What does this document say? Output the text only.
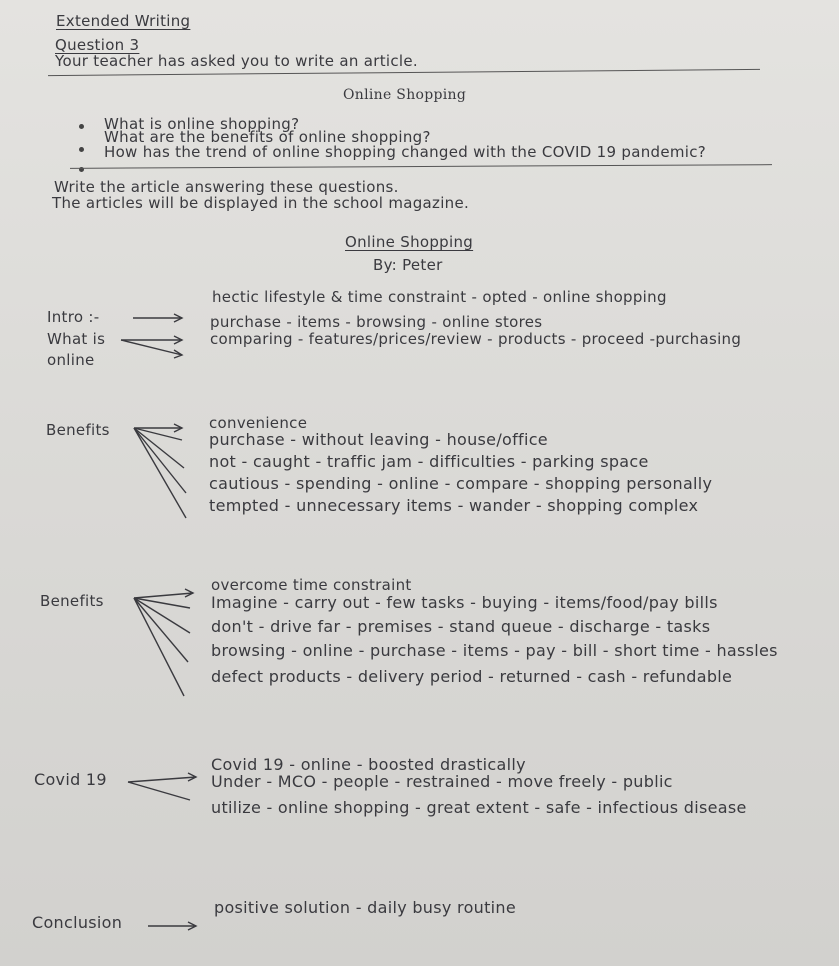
Extended Writing
Question 3
Your teacher has asked you to write an article.
Online Shopping
What is online shopping?
What are the benefits of online shopping?
How has the trend of online shopping changed with the COVID 19 pandemic?
Write the article answering these questions.
The articles will be displayed in the school magazine.
Online Shopping
By: Peter
Intro :-
hectic lifestyle & time constraint - opted - online shopping
What is
online
purchase - items - browsing - online stores
comparing - features/prices/review - products - proceed -purchasing
Benefits	convenience
purchase - without leaving - house/office
not - caught - traffic jam - difficulties - parking space
cautious - spending - online - compare - shopping personally
tempted - unnecessary items - wander - shopping complex
Benefits
overcome time constraint
Imagine - carry out - few tasks - buying - items/food/pay bills
don't - drive far - premises - stand queue - discharge - tasks
browsing - online - purchase - items - pay - bill - short time - hassles
defect products - delivery period - returned - cash - refundable
Covid 19
Covid 19 - online - boosted drastically
Under - MCO - people - restrained - move freely - public
utilize - online shopping - great extent - safe - infectious disease
Conclusion
positive solution - daily busy routine
